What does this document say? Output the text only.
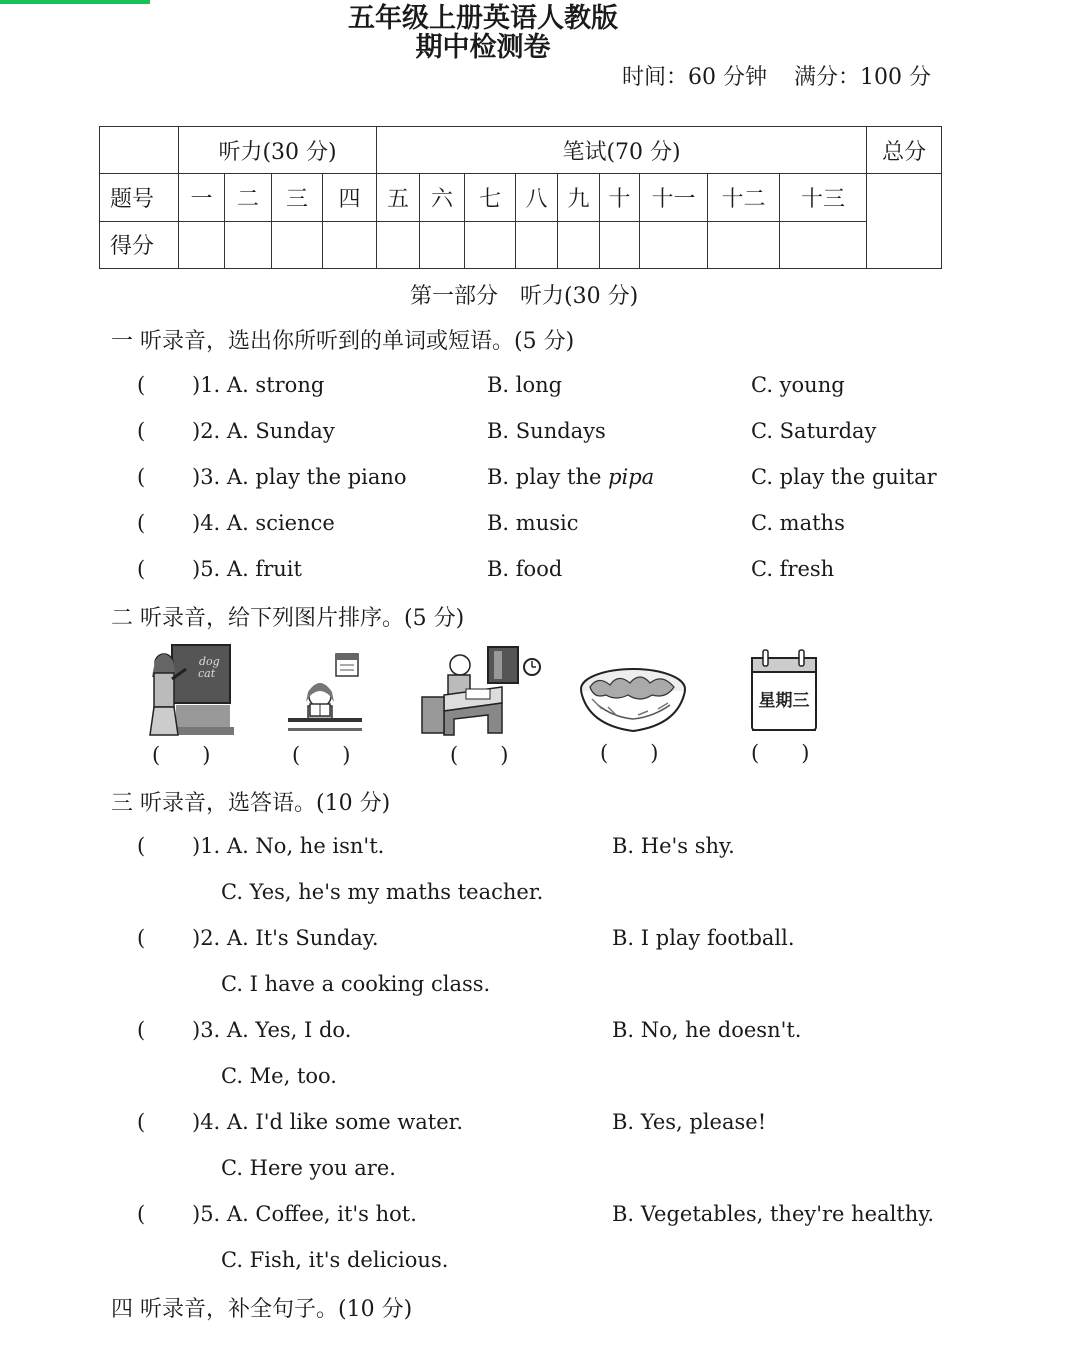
五年级上册英语人教版
期中检测卷
时间：60 分钟 满分：100 分
	听力(30 分)				笔试(70 分)									总分
题号	一	二	三	四	五	六	七	八	九	十	十一	十二	十三	
得分														
第一部分　听力(30 分)
一 听录音，选出你所听到的单词或短语。(5 分)
( )1. A. strong	B. long	C. young
( )2. A. Sunday	B. Sundays	C. Saturday
( )3. A. play the piano	B. play the pipa	C. play the guitar
( )4. A. science	B. music	C. maths
( )5. A. fruit	B. food	C. fresh
二 听录音，给下列图片排序。(5 分)
dog
cat
星期三
(　　)	(　　)	(　　)	(　　)	(　　)
三 听录音，选答语。(10 分)
( )1. A. No, he isn't.	B. He's shy.
C. Yes, he's my maths teacher.
( )2. A. It's Sunday.	B. I play football.
C. I have a cooking class.
( )3. A. Yes, I do.	B. No, he doesn't.
C. Me, too.
( )4. A. I'd like some water.	B. Yes, please!
C. Here you are.
( )5. A. Coffee, it's hot.	B. Vegetables, they're healthy.
C. Fish, it's delicious.
四 听录音，补全句子。(10 分)
